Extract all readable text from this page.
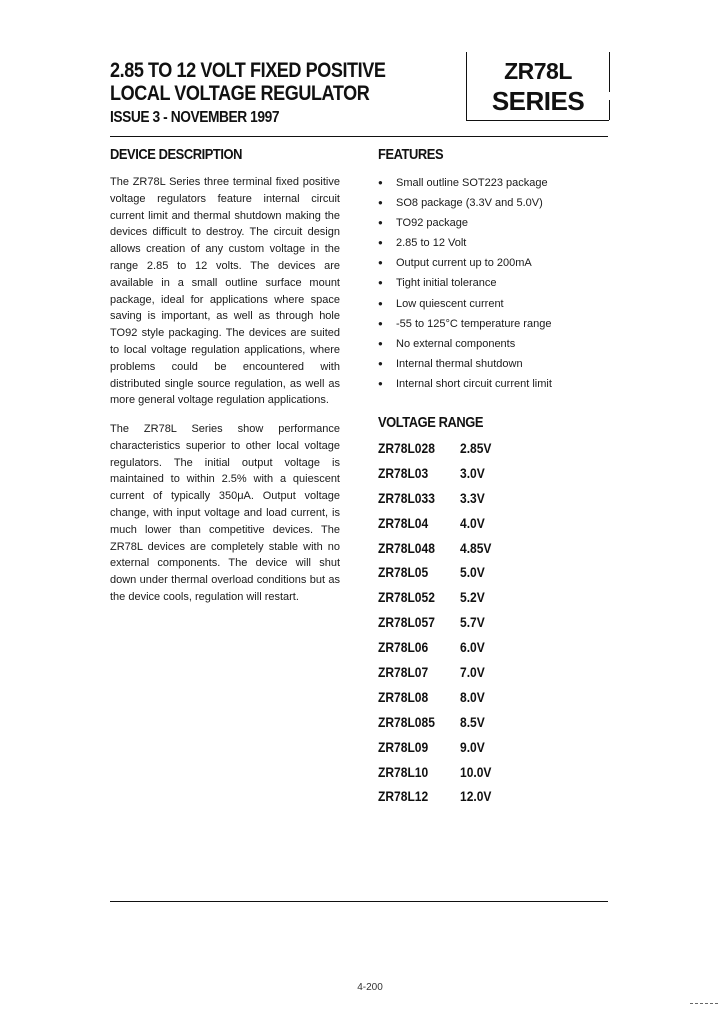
2.85 TO 12 VOLT FIXED POSITIVE
LOCAL VOLTAGE REGULATOR
ISSUE 3 - NOVEMBER 1997
ZR78L
SERIES
DEVICE DESCRIPTION

The ZR78L Series three terminal fixed positive voltage regulators feature internal circuit current limit and thermal shutdown making the devices difficult to destroy. The circuit design allows creation of any custom voltage in the range 2.85 to 12 volts. The devices are available in a small outline surface mount package, ideal for applications where space saving is important, as well as through hole TO92 style packaging. The devices are suited to local voltage regulation applications, where problems could be encountered with distributed single source regulation, as well as more general voltage regulation applications.

The ZR78L Series show performance characteristics superior to other local voltage regulators. The initial output voltage is maintained to within 2.5% with a quiescent current of typically 350μA. Output voltage change, with input voltage and load current, is much lower than competitive devices. The ZR78L devices are completely stable with no external components. The device will shut down under thermal overload conditions but as the device cools, regulation will restart.

FEATURES
● Small outline SOT223 package
● SO8 package (3.3V and 5.0V)
● TO92 package
● 2.85 to 12 Volt
● Output current up to 200mA
● Tight initial tolerance
● Low quiescent current
● -55 to 125°C temperature range
● No external components
● Internal thermal shutdown
● Internal short circuit current limit
VOLTAGE RANGE
ZR78L028 2.85V
ZR78L03 3.0V
ZR78L033 3.3V
ZR78L04 4.0V
ZR78L048 4.85V
ZR78L05 5.0V
ZR78L052 5.2V
ZR78L057 5.7V
ZR78L06 6.0V
ZR78L07 7.0V
ZR78L08 8.0V
ZR78L085 8.5V
ZR78L09 9.0V
ZR78L10 10.0V
ZR78L12 12.0V
4-200
